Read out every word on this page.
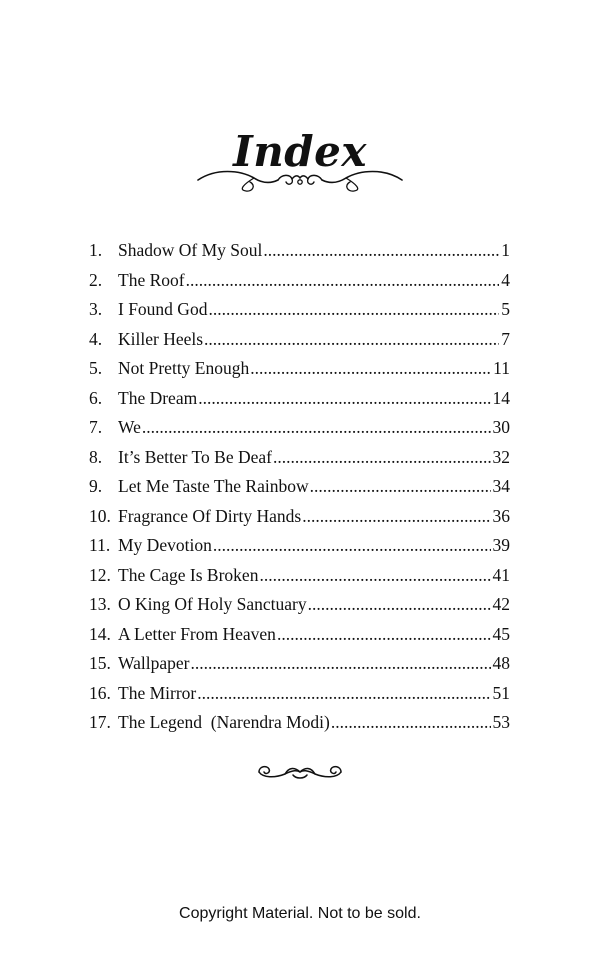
Index
1. Shadow Of My Soul .....	1
2. The Roof .....	4
3. I Found God .....	5
4. Killer Heels .....	7
5. Not Pretty Enough .....	11
6. The Dream .....	14
7. We .....	30
8. It’s Better To Be Deaf .....	32
9. Let Me Taste The Rainbow .....	34
10. Fragrance Of Dirty Hands .....	36
11. My Devotion .....	39
12. The Cage Is Broken .....	41
13. O King Of Holy Sanctuary .....	42
14. A Letter From Heaven .....	45
15. Wallpaper .....	48
16. The Mirror .....	51
17. The Legend  (Narendra Modi) .....	53
Copyright Material. Not to be sold.
